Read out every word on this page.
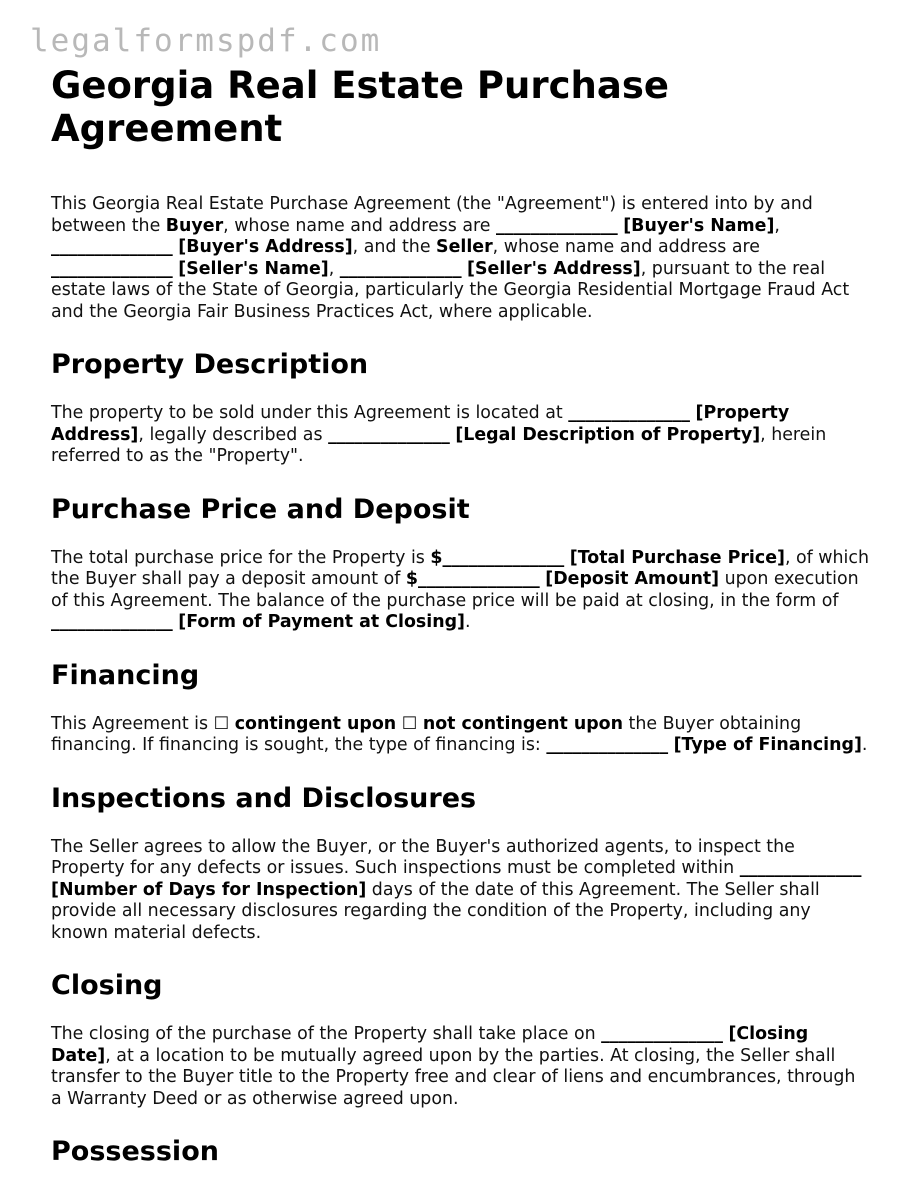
legalformspdf.com
Georgia Real Estate Purchase Agreement

This Georgia Real Estate Purchase Agreement (the "Agreement") is entered into by and between the Buyer, whose name and address are ______________ [Buyer's Name], ______________ [Buyer's Address], and the Seller, whose name and address are ______________ [Seller's Name], ______________ [Seller's Address], pursuant to the real estate laws of the State of Georgia, particularly the Georgia Residential Mortgage Fraud Act and the Georgia Fair Business Practices Act, where applicable.

Property Description

The property to be sold under this Agreement is located at ______________ [Property Address], legally described as ______________ [Legal Description of Property], herein referred to as the "Property".

Purchase Price and Deposit

The total purchase price for the Property is $______________ [Total Purchase Price], of which the Buyer shall pay a deposit amount of $______________ [Deposit Amount] upon execution of this Agreement. The balance of the purchase price will be paid at closing, in the form of ______________ [Form of Payment at Closing].

Financing

This Agreement is ☐ contingent upon ☐ not contingent upon the Buyer obtaining financing. If financing is sought, the type of financing is: ______________ [Type of Financing].

Inspections and Disclosures

The Seller agrees to allow the Buyer, or the Buyer's authorized agents, to inspect the Property for any defects or issues. Such inspections must be completed within ______________ [Number of Days for Inspection] days of the date of this Agreement. The Seller shall provide all necessary disclosures regarding the condition of the Property, including any known material defects.

Closing

The closing of the purchase of the Property shall take place on ______________ [Closing Date], at a location to be mutually agreed upon by the parties. At closing, the Seller shall transfer to the Buyer title to the Property free and clear of liens and encumbrances, through a Warranty Deed or as otherwise agreed upon.

Possession
